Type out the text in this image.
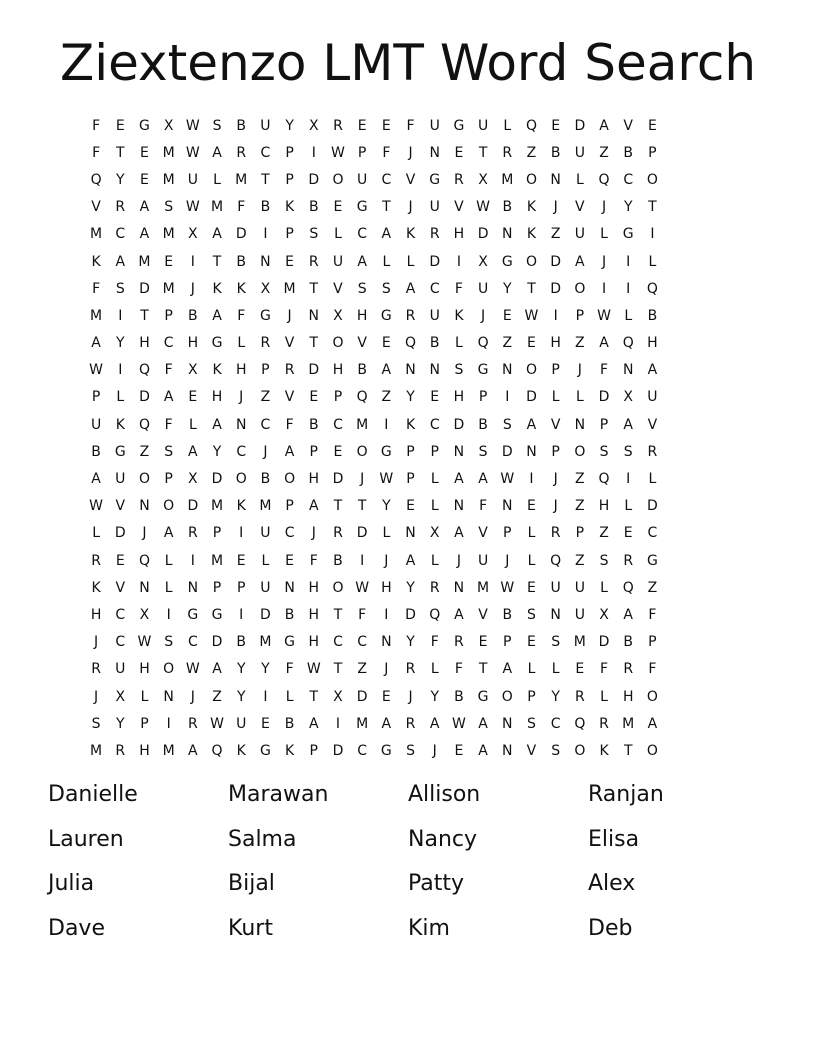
Ziextenzo LMT Word Search
F	E	G X W S	B	U	Y	X	R	E	E	F	U G U	L	Q	E	D	A	V	E
F	T	E M W A	R	C	P	I	W P	F	J	N	E	T	R	Z	B	U	Z	B	P
Q	Y	E M U	L	M T	P	D O U	C	V G R	X M O N	L	Q C O
V	R	A	S W M	F	B	K	B	E	G	T	J	U	V W B	K	J	V	J	Y	T
M C	A M X	A	D	I	P	S	L	C	A	K	R	H D N	K	Z	U	L	G	I
K	A M E	I	T	B	N	E	R	U	A	L	L	D	I	X G O D	A	J	I	L
F	S	D M	J	K	K	X M T	V	S	S	A	C	F	U	Y	T	D O	I	I	Q
M	I	T	P	B	A	F	G	J	N	X	H G R	U	K	J	E W	I	P W L	B
A	Y	H	C	H G	L	R	V	T	O V	E	Q B	L	Q Z	E	H	Z	A Q H
W	I	Q	F	X	K	H	P	R D H	B	A	N N	S	G N O	P	J	F	N	A
P	L	D	A	E	H	J	Z	V	E	P	Q Z	Y	E	H	P	I	D	L	L	D	X	U
U	K	Q	F	L	A	N	C	F	B	C M	I	K	C D B	S	A	V	N	P	A	V
B G Z	S	A	Y	C	J	A	P	E	O G	P	P	N	S	D N	P	O	S	S	R
A	U O	P	X	D O B O H D	J	W P	L	A	A W	I	J	Z Q	I	L
W V	N O D M K M P	A	T	T	Y	E	L	N	F	N	E	J	Z	H	L	D
L	D	J	A	R	P	I	U	C	J	R D	L	N	X	A	V	P	L	R	P	Z	E	C
R	E	Q	L	I	M E	L	E	F	B	I	J	A	L	J	U	J	L	Q Z	S	R G
K	V	N	L	N	P	P	U N H O W H	Y	R	N M W E	U U	L	Q Z
H	C	X	I	G G	I	D B	H	T	F	I	D Q A	V	B	S	N U	X	A	F
J	C W S	C D B M G H	C	C	N	Y	F	R	E	P	E	S M D B	P
R	U H O W A	Y	Y	F W T	Z	J	R	L	F	T	A	L	L	E	F	R	F
J	X	L	N	J	Z	Y	I	L	T	X	D	E	J	Y	B G O	P	Y	R	L	H O
S	Y	P	I	R W U	E	B	A	I	M A	R	A W A	N	S	C Q R M A
M R	H M A Q	K	G	K	P	D C G	S	J	E	A	N	V	S	O	K	T	O
Danielle	Marawan	Allison	Ranjan
Lauren	Salma	Nancy	Elisa
Julia	Bijal	Patty	Alex
Dave	Kurt	Kim	Deb
